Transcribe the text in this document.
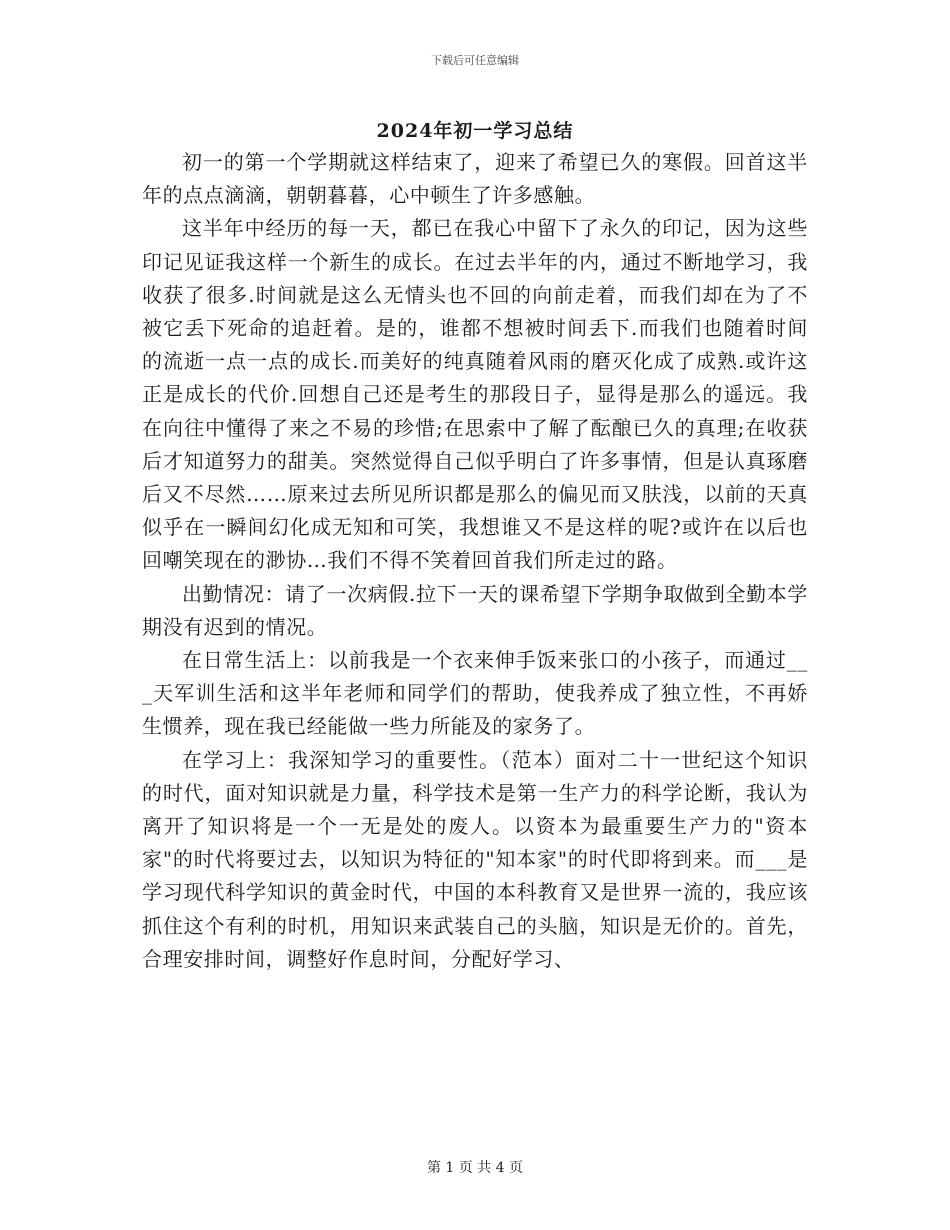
下载后可任意编辑
2024年初一学习总结

初一的第一个学期就这样结束了，迎来了希望已久的寒假。回首这半年的点点滴滴，朝朝暮暮，心中顿生了许多感触。

这半年中经历的每一天，都已在我心中留下了永久的印记，因为这些印记见证我这样一个新生的成长。在过去半年的内，通过不断地学习，我收获了很多.时间就是这么无情头也不回的向前走着，而我们却在为了不被它丢下死命的追赶着。是的，谁都不想被时间丢下.而我们也随着时间的流逝一点一点的成长.而美好的纯真随着风雨的磨灭化成了成熟.或许这正是成长的代价.回想自己还是考生的那段日子，显得是那么的遥远。我在向往中懂得了来之不易的珍惜;在思索中了解了酝酿已久的真理;在收获后才知道努力的甜美。突然觉得自己似乎明白了许多事情，但是认真琢磨后又不尽然……原来过去所见所识都是那么的偏见而又肤浅，以前的天真似乎在一瞬间幻化成无知和可笑，我想谁又不是这样的呢?或许在以后也回嘲笑现在的渺协…我们不得不笑着回首我们所走过的路。

出勤情况：请了一次病假.拉下一天的课希望下学期争取做到全勤本学期没有迟到的情况。

在日常生活上：以前我是一个衣来伸手饭来张口的小孩子，而通过___天军训生活和这半年老师和同学们的帮助，使我养成了独立性，不再娇生惯养，现在我已经能做一些力所能及的家务了。

在学习上：我深知学习的重要性。（范本）面对二十一世纪这个知识的时代，面对知识就是力量，科学技术是第一生产力的科学论断，我认为离开了知识将是一个一无是处的废人。以资本为最重要生产力的"资本家"的时代将要过去，以知识为特征的"知本家"的时代即将到来。而___是学习现代科学知识的黄金时代，中国的本科教育又是世界一流的，我应该抓住这个有利的时机，用知识来武装自己的头脑，知识是无价的。首先，合理安排时间，调整好作息时间，分配好学习、

第 1 页 共 4 页
